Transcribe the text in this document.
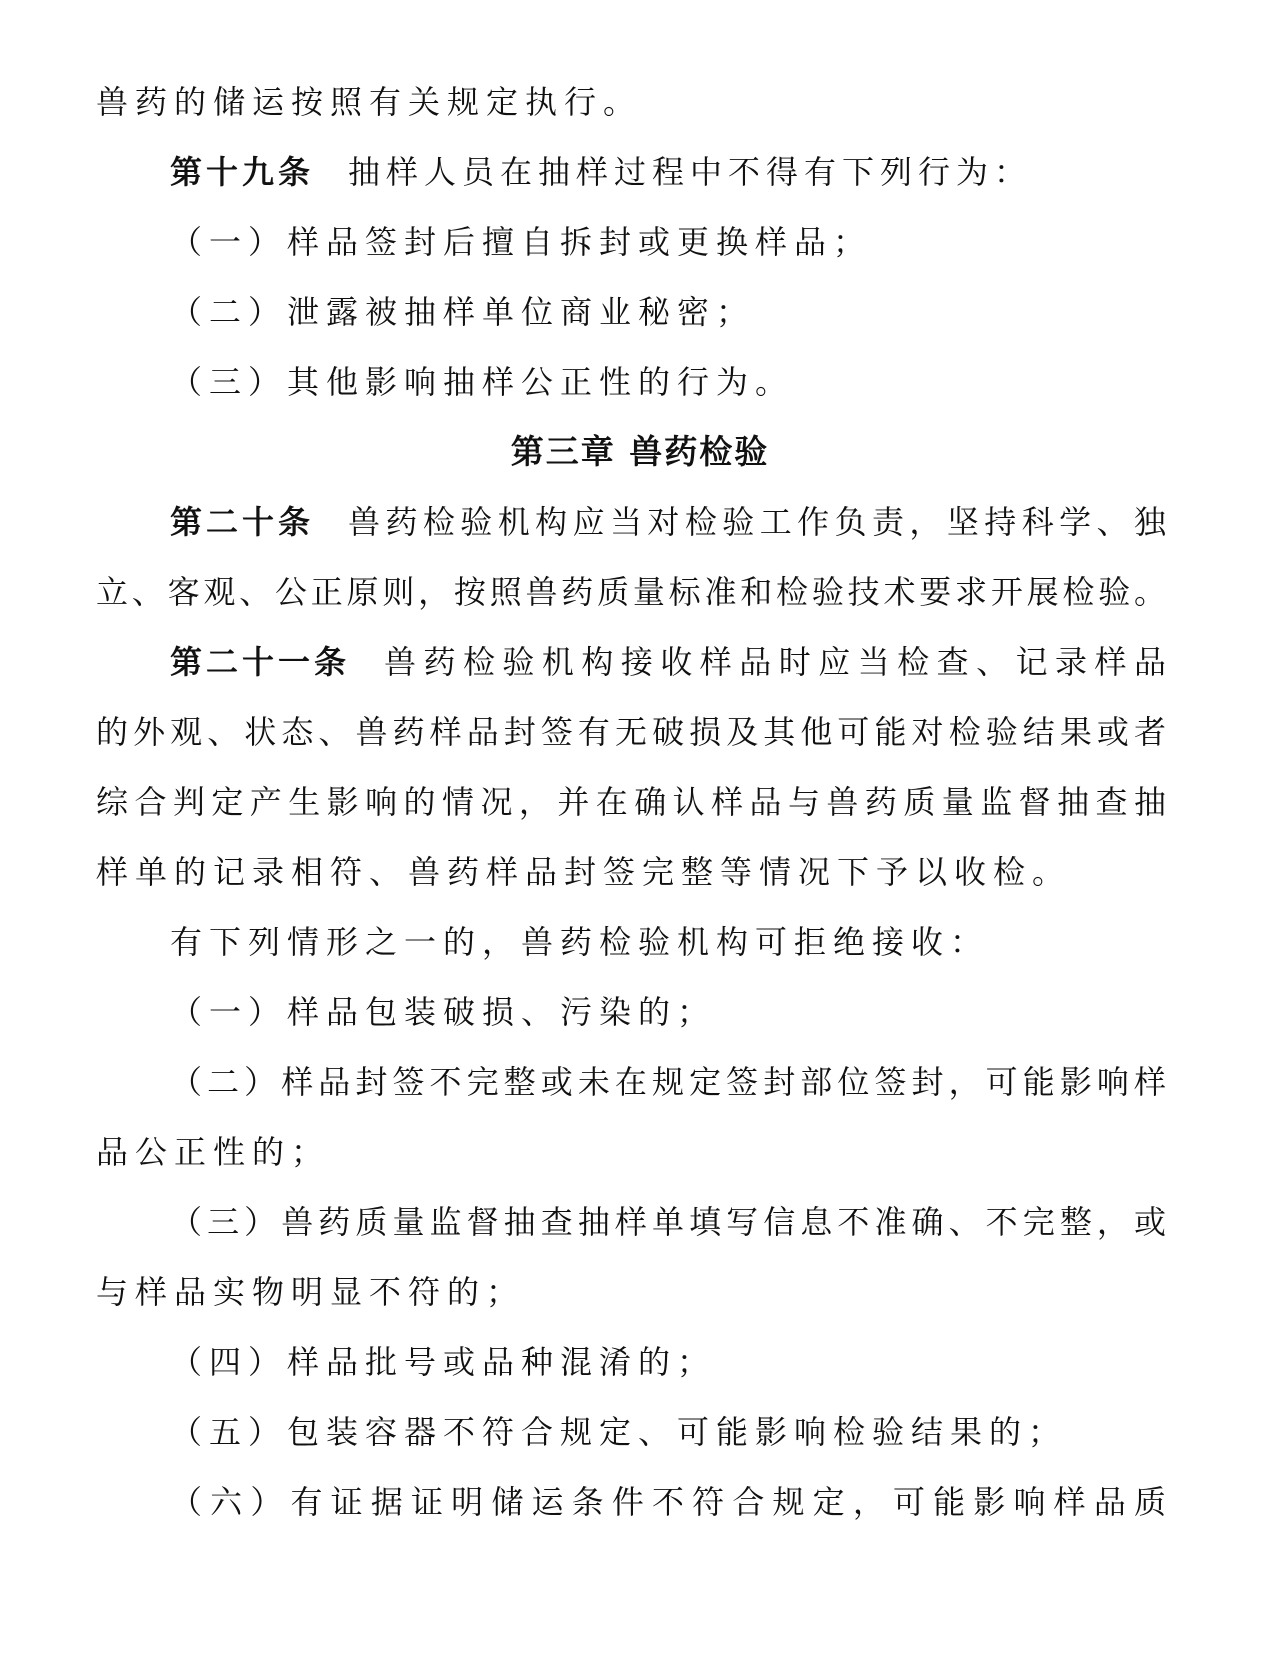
兽药的储运按照有关规定执行。
第十九条 抽样人员在抽样过程中不得有下列行为：
（一）样品签封后擅自拆封或更换样品；
（二）泄露被抽样单位商业秘密；
（三）其他影响抽样公正性的行为。
第三章 兽药检验
第二十条 兽药检验机构应当对检验工作负责，坚持科学、独
立、客观、公正原则，按照兽药质量标准和检验技术要求开展检验。
第二十一条 兽药检验机构接收样品时应当检查、记录样品
的外观、状态、兽药样品封签有无破损及其他可能对检验结果或者
综合判定产生影响的情况，并在确认样品与兽药质量监督抽查抽
样单的记录相符、兽药样品封签完整等情况下予以收检。
有下列情形之一的，兽药检验机构可拒绝接收：
（一）样品包装破损、污染的；
（二）样品封签不完整或未在规定签封部位签封，可能影响样
品公正性的；
（三）兽药质量监督抽查抽样单填写信息不准确、不完整，或
与样品实物明显不符的；
（四）样品批号或品种混淆的；
（五）包装容器不符合规定、可能影响检验结果的；
（六）有证据证明储运条件不符合规定，可能影响样品质
